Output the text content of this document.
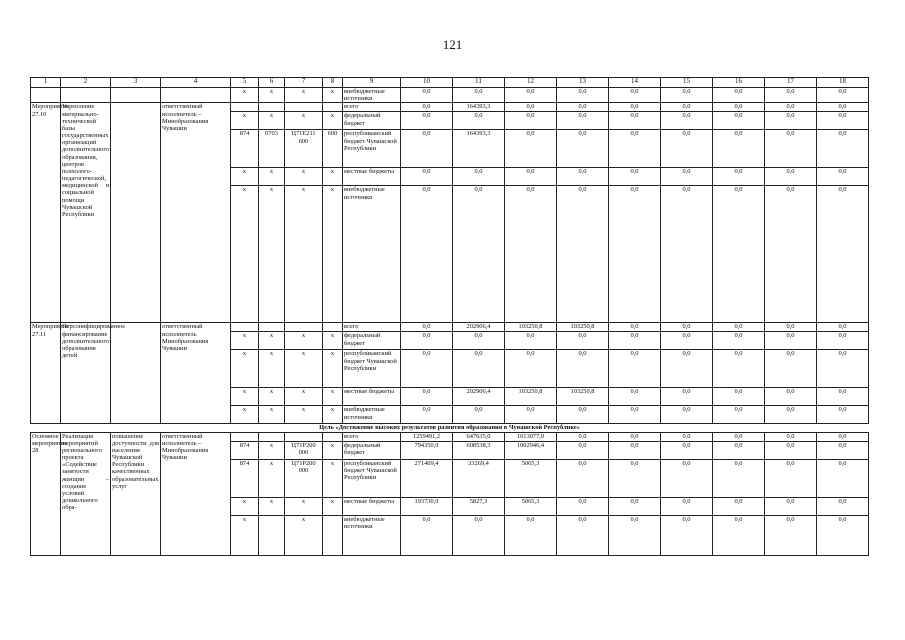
121
1	2	3	4	5	6	7	8	9	10	11	12	13	14	15	16	17	18
				х	х	х	х	внебюджетные источники	0,0	0,0	0,0	0,0	0,0	0,0	0,0	0,0	0,0
Мероприятие 27.10	Укрепление материально-технической базы государственных организаций дополнительного образования, центров психолого-педагогической, медицинской и социальной помощи Чувашской Республики		ответственный исполнитель – Минобразования Чувашии					всего	0,0	164393,3	0,0	0,0	0,0	0,0	0,0	0,0	0,0
				х	х	х	х	федеральный бюджет	0,0	0,0	0,0	0,0	0,0	0,0	0,0	0,0	0,0
				874	0703	Ц71Е211 600	600	республиканский бюджет Чувашской Республики	0,0	164393,3	0,0	0,0	0,0	0,0	0,0	0,0	0,0
				х	х	х	х	местные бюджеты	0,0	0,0	0,0	0,0	0,0	0,0	0,0	0,0	0,0
				х	х	х	х	внебюджетные источники	0,0	0,0	0,0	0,0	0,0	0,0	0,0	0,0	0,0
Мероприятие 27.11	Персонифицированное финансирование дополнительного образования детей		ответственный исполнитель Минобразования Чувашии					всего	0,0	202906,4	103250,8	103250,8	0,0	0,0	0,0	0,0	0,0
				х	х	х	х	федеральный бюджет	0,0	0,0	0,0	0,0	0,0	0,0	0,0	0,0	0,0
				х	х	х	х	республиканский бюджет Чувашской Республики	0,0	0,0	0,0	0,0	0,0	0,0	0,0	0,0	0,0
				х	х	х	х	местные бюджеты	0,0	202906,4	103250,8	103250,8	0,0	0,0	0,0	0,0	0,0
				х	х	х	х	внебюджетные источники	0,0	0,0	0,0	0,0	0,0	0,0	0,0	0,0	0,0
Цель «Достижение высоких результатов развития образования в Чувашской Республике»																	
Основное мероприятие 28	Реализация мероприятий регионального проекта «Содействие занятости женщин – создание условий дошкольного обра-	повышение доступности для населения Чувашской Республики качественных образовательных услуг	ответственный исполнитель – Минобразования Чувашии					всего	1259491,2	647635,0	1013077,0	0,0	0,0	0,0	0,0	0,0	0,0
				874	х	Ц71Р200 000	х	федеральный бюджет	794350,9	608538,3	1002946,4	0,0	0,0	0,0	0,0	0,0	0,0
				874	х	Ц71Р200 000	х	республиканский бюджет Чувашской Республики	271409,4	33269,4	5065,3	0,0	0,0	0,0	0,0	0,0	0,0
				х	х	х	х	местные бюджеты	193730,9	5827,3	5065,3	0,0	0,0	0,0	0,0	0,0	0,0
				х		х		внебюджетные источники	0,0	0,0	0,0	0,0	0,0	0,0	0,0	0,0	0,0
